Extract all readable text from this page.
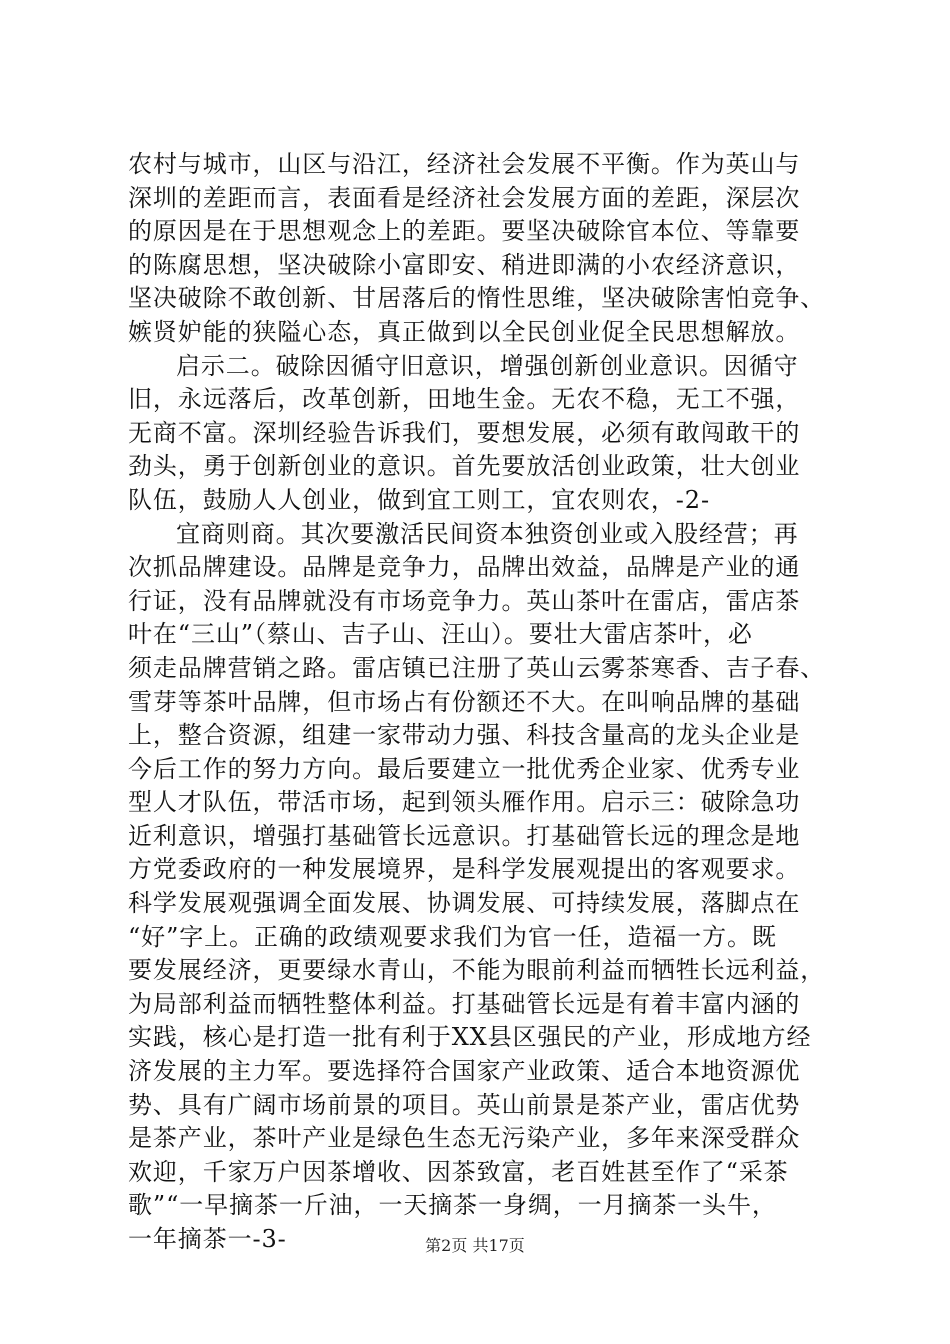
农村与城市，山区与沿江，经济社会发展不平衡。作为英山与
深圳的差距而言，表面看是经济社会发展方面的差距，深层次
的原因是在于思想观念上的差距。要坚决破除官本位、等靠要
的陈腐思想，坚决破除小富即安、稍进即满的小农经济意识，
坚决破除不敢创新、甘居落后的惰性思维，坚决破除害怕竞争、
嫉贤妒能的狭隘心态，真正做到以全民创业促全民思想解放。
启示二。破除因循守旧意识，增强创新创业意识。因循守
旧，永远落后，改革创新，田地生金。无农不稳，无工不强，
无商不富。深圳经验告诉我们，要想发展，必须有敢闯敢干的
劲头，勇于创新创业的意识。首先要放活创业政策，壮大创业
队伍，鼓励人人创业，做到宜工则工，宜农则农，-2-
宜商则商。其次要激活民间资本独资创业或入股经营；再
次抓品牌建设。品牌是竞争力，品牌出效益，品牌是产业的通
行证，没有品牌就没有市场竞争力。英山茶叶在雷店，雷店茶
叶在“三山”（蔡山、吉子山、汪山）。要壮大雷店茶叶，必
须走品牌营销之路。雷店镇已注册了英山云雾茶寒香、吉子春、
雪芽等茶叶品牌，但市场占有份额还不大。在叫响品牌的基础
上，整合资源，组建一家带动力强、科技含量高的龙头企业是
今后工作的努力方向。最后要建立一批优秀企业家、优秀专业
型人才队伍，带活市场，起到领头雁作用。启示三：破除急功
近利意识，增强打基础管长远意识。打基础管长远的理念是地
方党委政府的一种发展境界，是科学发展观提出的客观要求。
科学发展观强调全面发展、协调发展、可持续发展，落脚点在
“好”字上。正确的政绩观要求我们为官一任，造福一方。既
要发展经济，更要绿水青山，不能为眼前利益而牺牲长远利益，
为局部利益而牺牲整体利益。打基础管长远是有着丰富内涵的
实践，核心是打造一批有利于XX县区强民的产业，形成地方经
济发展的主力军。要选择符合国家产业政策、适合本地资源优
势、具有广阔市场前景的项目。英山前景是茶产业，雷店优势
是茶产业，茶叶产业是绿色生态无污染产业，多年来深受群众
欢迎，千家万户因茶增收、因茶致富，老百姓甚至作了“采茶
歌”“一早摘茶一斤油，一天摘茶一身绸，一月摘茶一头牛，
一年摘茶一-3-	第2页 共17页
